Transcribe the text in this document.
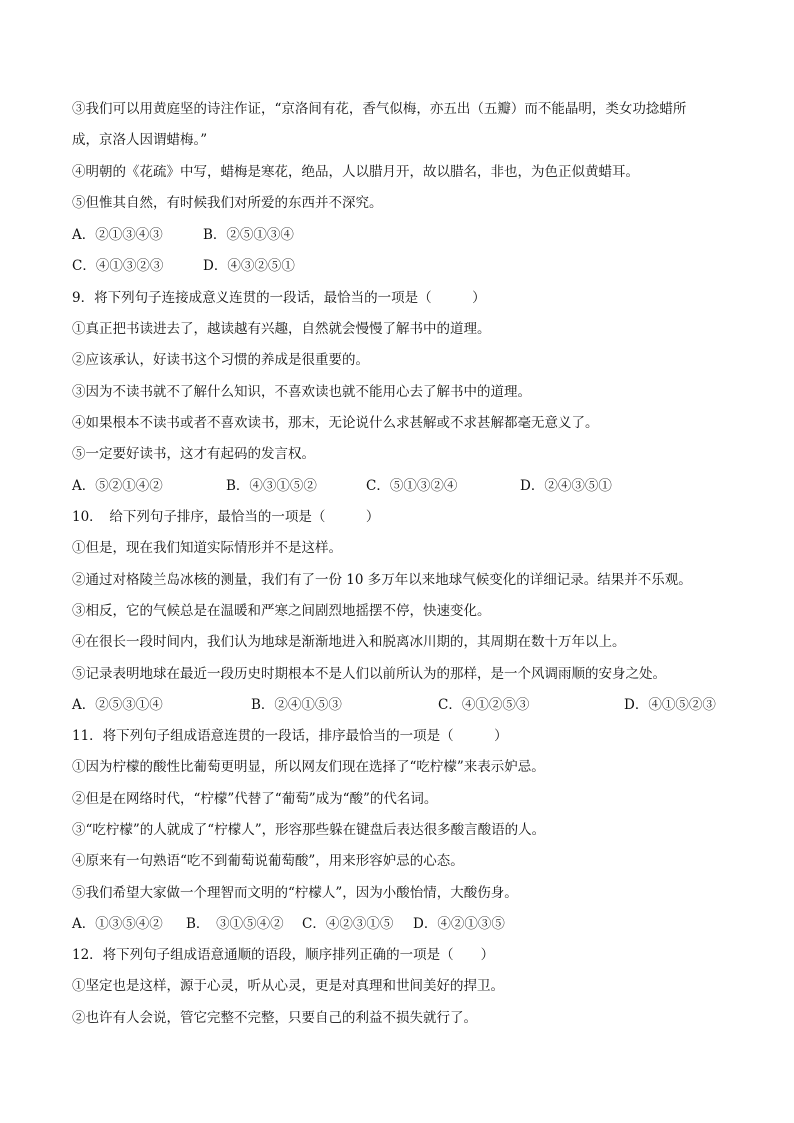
③我们可以用黄庭坚的诗注作证，“京洛间有花，香气似梅，亦五出（五瓣）而不能晶明，类女功捻蜡所
成，京洛人因谓蜡梅。”
④明朝的《花疏》中写，蜡梅是寒花，绝品，人以腊月开，故以腊名，非也，为色正似黄蜡耳。
⑤但惟其自然，有时候我们对所爱的东西并不深究。
A．②①③④③	B．②⑤①③④
C．④①③②③	D．④③②⑤①
9．将下列句子连接成意义连贯的一段话，最恰当的一项是（　　　）
①真正把书读进去了，越读越有兴趣，自然就会慢慢了解书中的道理。
②应该承认，好读书这个习惯的养成是很重要的。
③因为不读书就不了解什么知识，不喜欢读也就不能用心去了解书中的道理。
④如果根本不读书或者不喜欢读书，那末，无论说什么求甚解或不求甚解都毫无意义了。
⑤一定要好读书，这才有起码的发言权。
A．⑤②①④②	B．④③①⑤②	C．⑤①③②④	D．②④③⑤①
10．　给下列句子排序，最恰当的一项是（　　　）
①但是，现在我们知道实际情形并不是这样。
②通过对格陵兰岛冰核的测量，我们有了一份 10 多万年以来地球气候变化的详细记录。结果并不乐观。
③相反，它的气候总是在温暖和严寒之间剧烈地摇摆不停，快速变化。
④在很长一段时间内，我们认为地球是渐渐地进入和脱离冰川期的，其周期在数十万年以上。
⑤记录表明地球在最近一段历史时期根本不是人们以前所认为的那样，是一个风调雨顺的安身之处。
A．②⑤③①④	B．②④①⑤③	C．④①②⑤③	D．④①⑤②③
11．将下列句子组成语意连贯的一段话，排序最恰当的一项是（　　　）
①因为柠檬的酸性比葡萄更明显，所以网友们现在选择了“吃柠檬”来表示妒忌。
②但是在网络时代，“柠檬”代替了“葡萄”成为“酸”的代名词。
③“吃柠檬”的人就成了“柠檬人”，形容那些躲在键盘后表达很多酸言酸语的人。
④原来有一句熟语“吃不到葡萄说葡萄酸”，用来形容妒忌的心态。
⑤我们希望大家做一个理智而文明的“柠檬人”，因为小酸怡情，大酸伤身。
A．①③⑤④② B．　③①⑤④② C．④②③①⑤ D．④②①③⑤
12．将下列句子组成语意通顺的语段，顺序排列正确的一项是（　　）
①坚定也是这样，源于心灵，听从心灵，更是对真理和世间美好的捍卫。
②也许有人会说，管它完整不完整，只要自己的利益不损失就行了。
